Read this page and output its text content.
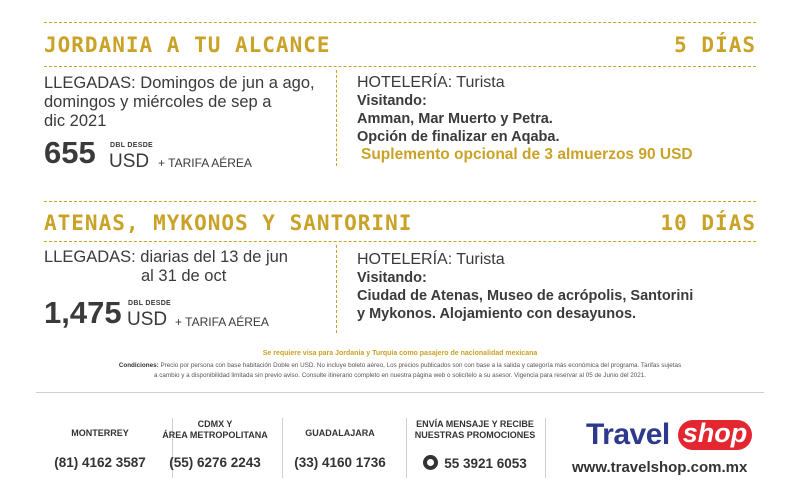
JORDANIA A TU ALCANCE	5 DÍAS
LLEGADAS: Domingos de jun a ago,
domingos y miércoles de sep a
dic 2021
655 DBL DESDE
USD + TARIFA AÉREA
HOTELERÍA: Turista
Visitando:
Amman, Mar Muerto y Petra.
Opción de finalizar en Aqaba.
Suplemento opcional de 3 almuerzos 90 USD
ATENAS, MYKONOS Y SANTORINI	10 DÍAS
LLEGADAS: diarias del 13 de jun
al 31 de oct
1,475 DBL DESDE
USD + TARIFA AÉREA
HOTELERÍA: Turista
Visitando:
Ciudad de Atenas, Museo de acrópolis, Santorini
y Mykonos. Alojamiento con desayunos.
Se requiere visa para Jordania y Turquía como pasajero de nacionalidad mexicana
Condiciones: Precio por persona con base habitación Doble en USD. No incluye boleto aéreo, Los precios publicados son con base a la salida y categoría más económica del programa. Tarifas sujetas
a cambio y a disponibilidad limitada sin previo aviso. Consulte itinerario completo en nuestra página web o solicítelo a su asesor. Vigencia para reservar al 05 de Junio del 2021.
MONTERREY
(81) 4162 3587
CDMX Y
ÁREA METROPOLITANA
(55) 6276 2243
GUADALAJARA
(33) 4160 1736
ENVÍA MENSAJE Y RECIBE
NUESTRAS PROMOCIONES
55 3921 6053
Travel shop
www.travelshop.com.mx
